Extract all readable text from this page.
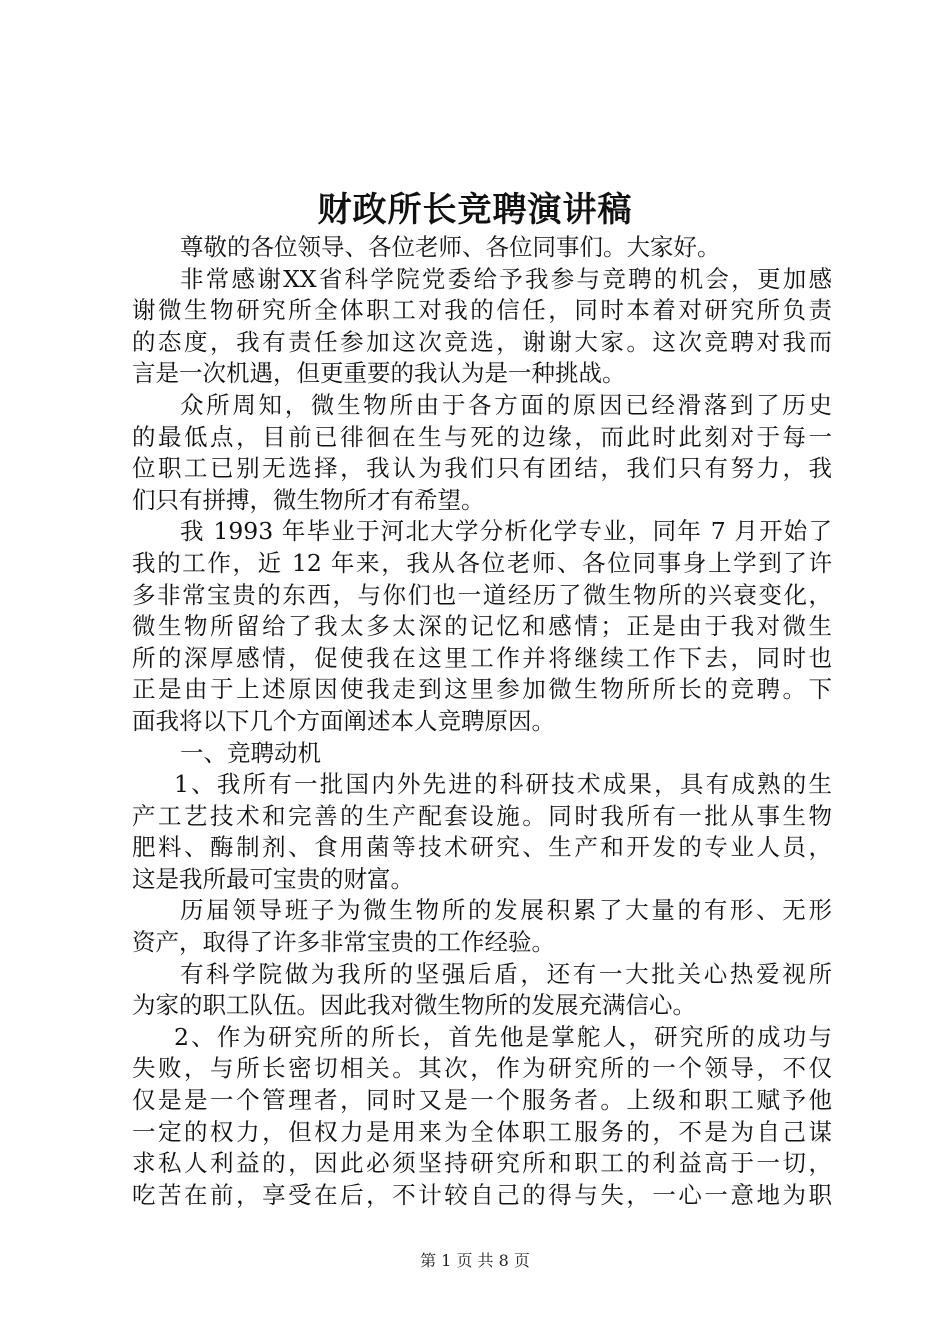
财政所长竞聘演讲稿
尊敬的各位领导、各位老师、各位同事们。大家好。
非常感谢XX省科学院党委给予我参与竞聘的机会，更加感
谢微生物研究所全体职工对我的信任，同时本着对研究所负责
的态度，我有责任参加这次竞选，谢谢大家。这次竞聘对我而
言是一次机遇，但更重要的我认为是一种挑战。
众所周知，微生物所由于各方面的原因已经滑落到了历史
的最低点，目前已徘徊在生与死的边缘，而此时此刻对于每一
位职工已别无选择，我认为我们只有团结，我们只有努力，我
们只有拼搏，微生物所才有希望。
我 1993 年毕业于河北大学分析化学专业，同年 7 月开始了
我的工作，近 12 年来，我从各位老师、各位同事身上学到了许
多非常宝贵的东西，与你们也一道经历了微生物所的兴衰变化，
微生物所留给了我太多太深的记忆和感情；正是由于我对微生
所的深厚感情，促使我在这里工作并将继续工作下去，同时也
正是由于上述原因使我走到这里参加微生物所所长的竞聘。下
面我将以下几个方面阐述本人竞聘原因。
一、竞聘动机
1、我所有一批国内外先进的科研技术成果，具有成熟的生
产工艺技术和完善的生产配套设施。同时我所有一批从事生物
肥料、酶制剂、食用菌等技术研究、生产和开发的专业人员，
这是我所最可宝贵的财富。
历届领导班子为微生物所的发展积累了大量的有形、无形
资产，取得了许多非常宝贵的工作经验。
有科学院做为我所的坚强后盾，还有一大批关心热爱视所
为家的职工队伍。因此我对微生物所的发展充满信心。
2、作为研究所的所长，首先他是掌舵人，研究所的成功与
失败，与所长密切相关。其次，作为研究所的一个领导，不仅
仅是是一个管理者，同时又是一个服务者。上级和职工赋予他
一定的权力，但权力是用来为全体职工服务的，不是为自己谋
求私人利益的，因此必须坚持研究所和职工的利益高于一切，
吃苦在前，享受在后，不计较自己的得与失，一心一意地为职
第 1 页 共 8 页
